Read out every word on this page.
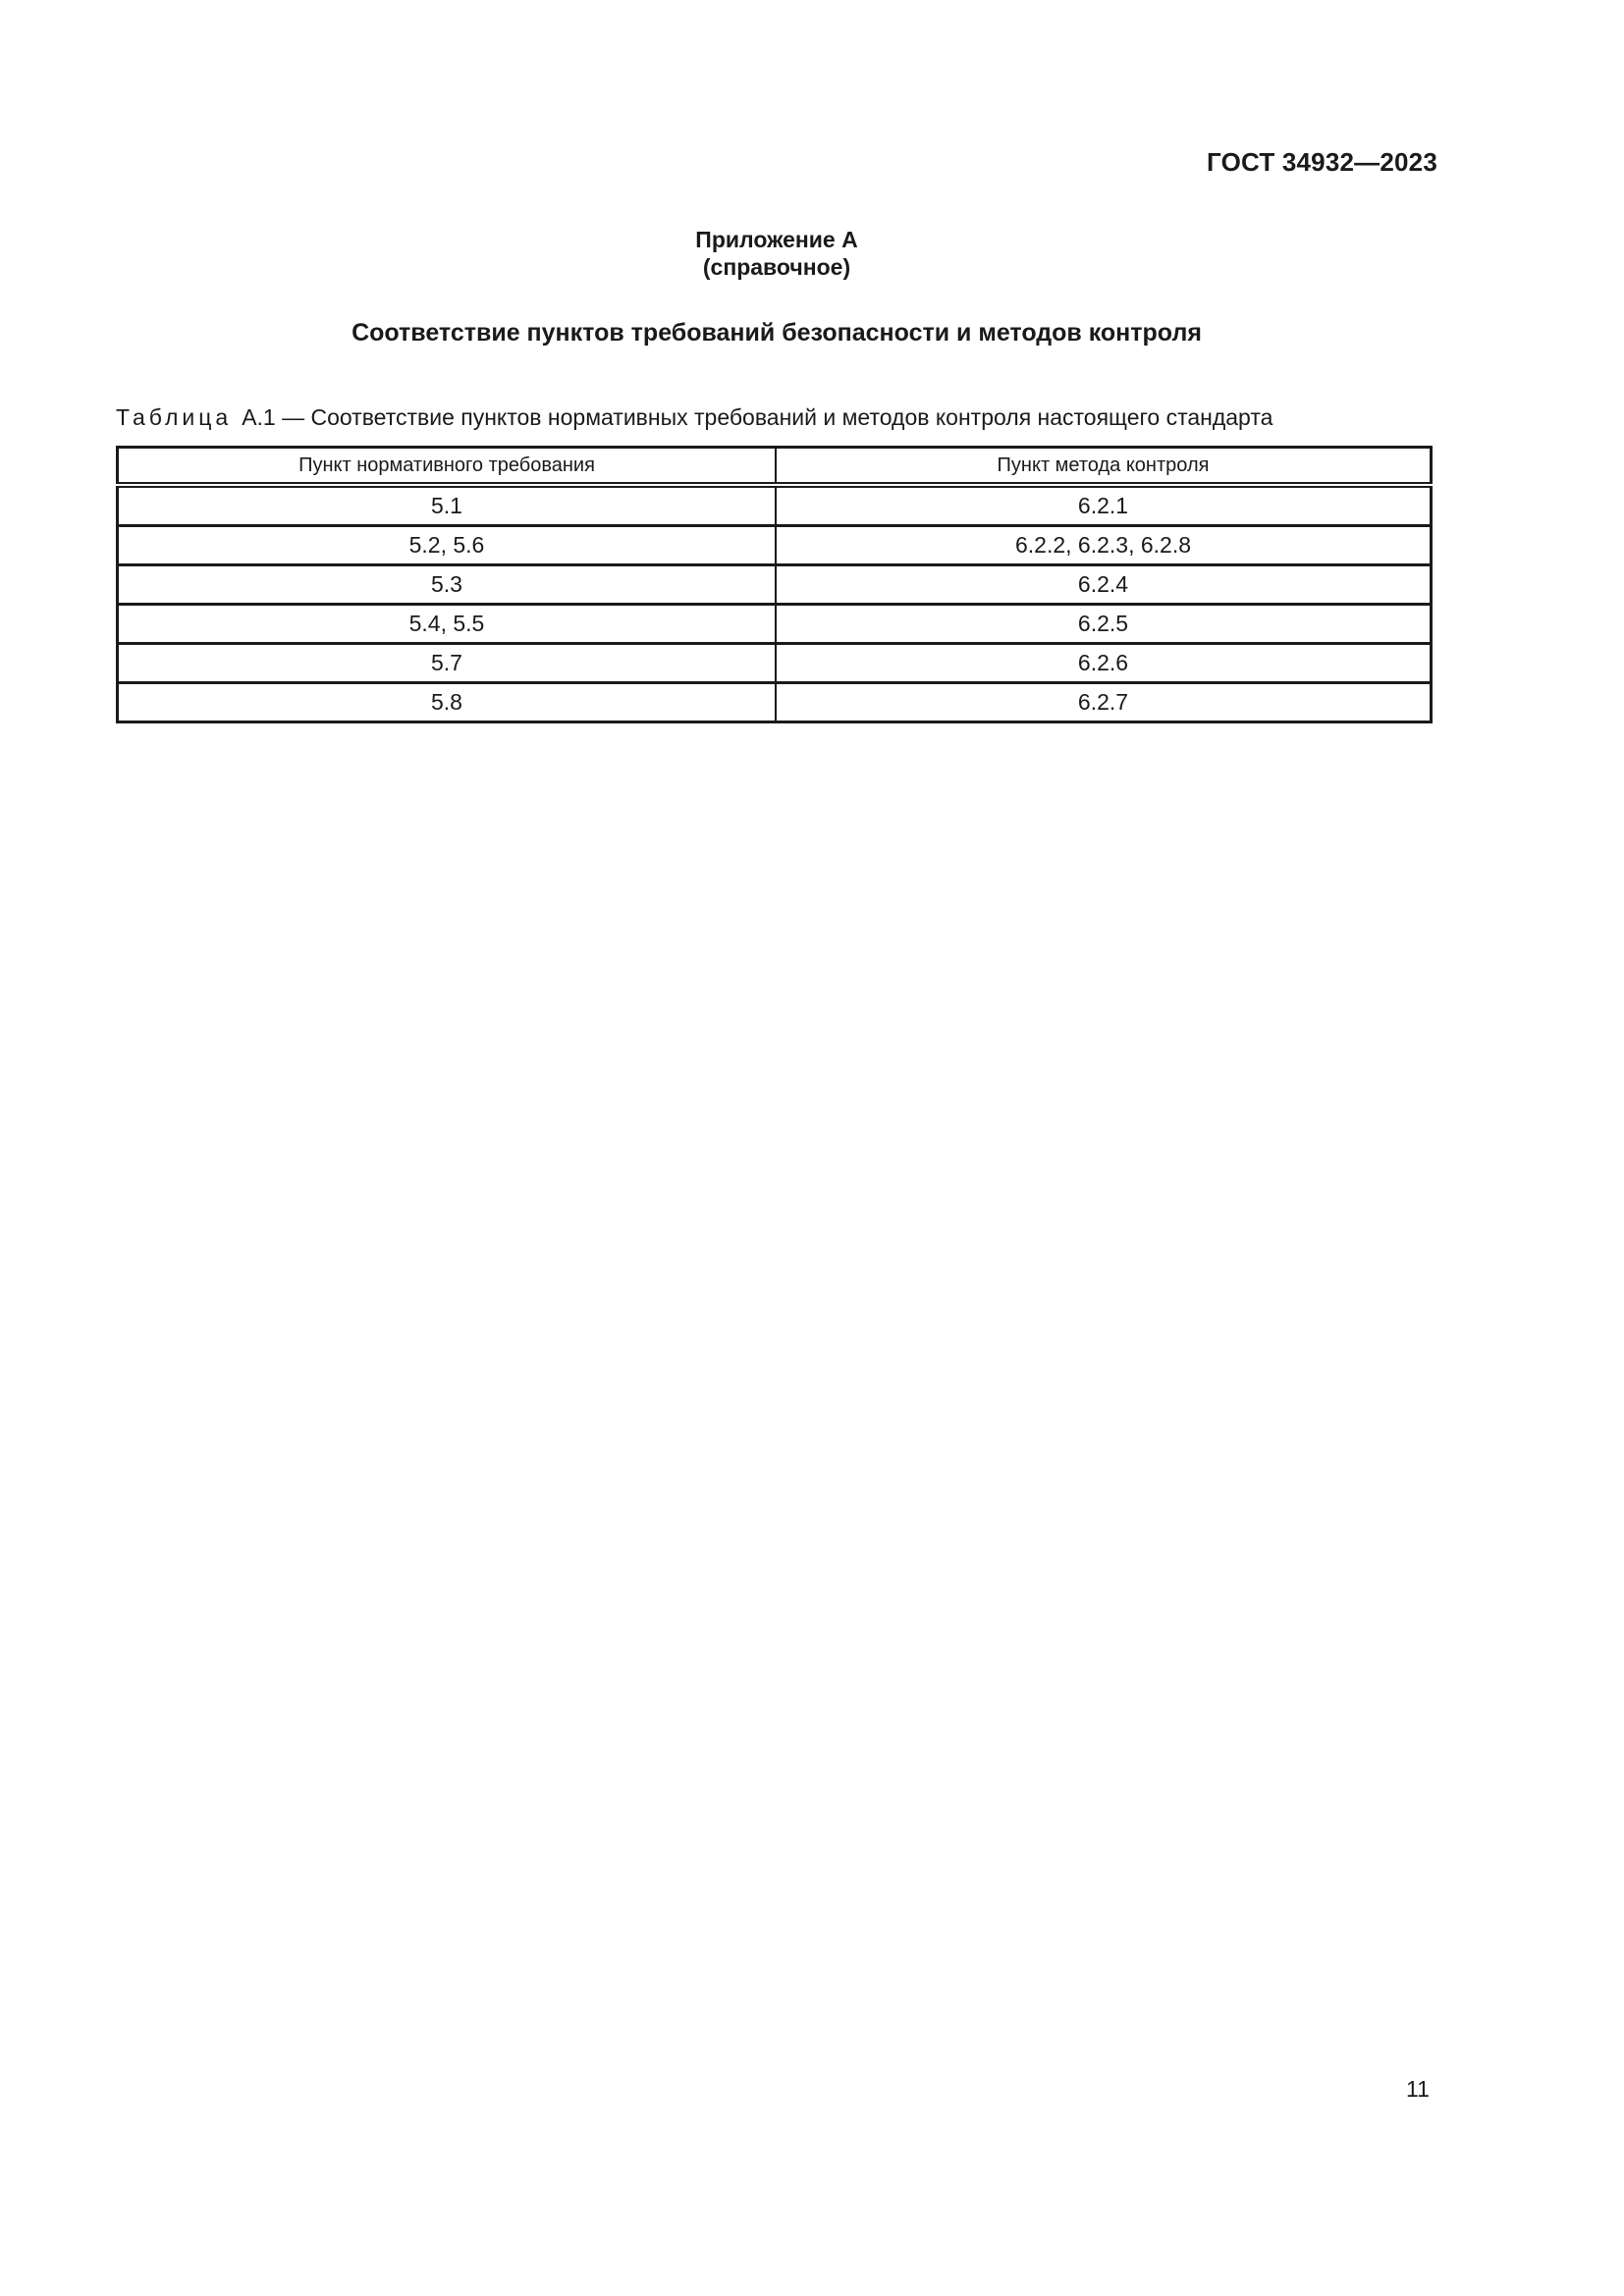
ГОСТ 34932—2023
Приложение А
(справочное)
Соответствие пунктов требований безопасности и методов контроля
Таблица А.1 — Соответствие пунктов нормативных требований и методов контроля настоящего стандарта
Пункт нормативного требования	Пункт метода контроля
5.1	6.2.1
5.2, 5.6	6.2.2, 6.2.3, 6.2.8
5.3	6.2.4
5.4, 5.5	6.2.5
5.7	6.2.6
5.8	6.2.7
11
